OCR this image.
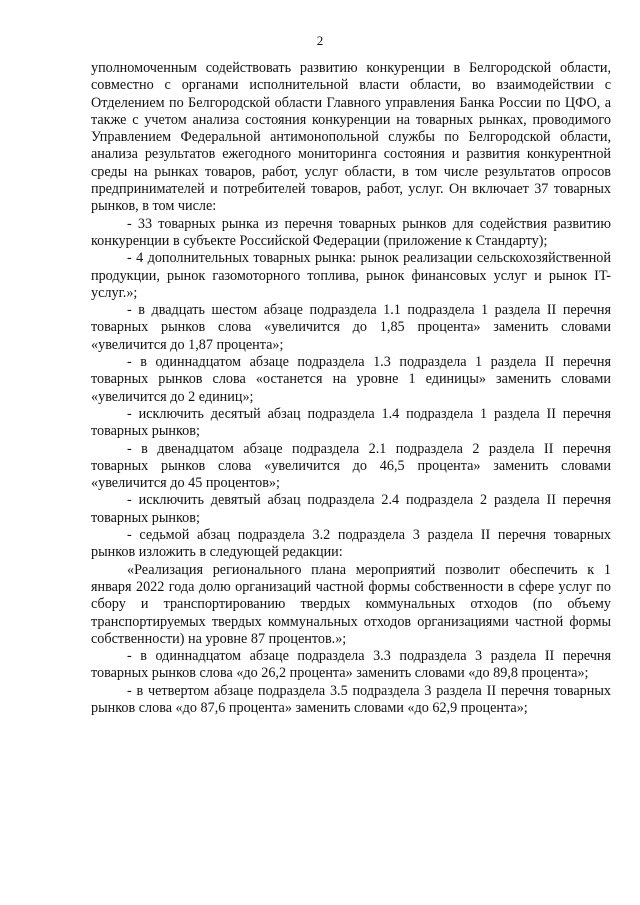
2

уполномоченным содействовать развитию конкуренции в Белгородской области, совместно с органами исполнительной власти области, во взаимодействии с Отделением по Белгородской области Главного управления Банка России по ЦФО, а также с учетом анализа состояния конкуренции на товарных рынках, проводимого Управлением Федеральной антимонопольной службы по Белгородской области, анализа результатов ежегодного мониторинга состояния и развития конкурентной среды на рынках товаров, работ, услуг области, в том числе результатов опросов предпринимателей и потребителей товаров, работ, услуг. Он включает 37 товарных рынков, в том числе:

- 33 товарных рынка из перечня товарных рынков для содействия развитию конкуренции в субъекте Российской Федерации (приложение к Стандарту);

- 4 дополнительных товарных рынка: рынок реализации сельскохозяйственной продукции, рынок газомоторного топлива, рынок финансовых услуг и рынок IT-услуг.»;

- в двадцать шестом абзаце подраздела 1.1 подраздела 1 раздела II перечня товарных рынков слова «увеличится до 1,85 процента» заменить словами «увеличится до 1,87 процента»;

- в одиннадцатом абзаце подраздела 1.3 подраздела 1 раздела II перечня товарных рынков слова «останется на уровне 1 единицы» заменить словами «увеличится до 2 единиц»;

- исключить десятый абзац подраздела 1.4 подраздела 1 раздела II перечня товарных рынков;

- в двенадцатом абзаце подраздела 2.1 подраздела 2 раздела II перечня товарных рынков слова «увеличится до 46,5 процента» заменить словами «увеличится до 45 процентов»;

- исключить девятый абзац подраздела 2.4 подраздела 2 раздела II перечня товарных рынков;

- седьмой абзац подраздела 3.2 подраздела 3 раздела II перечня товарных рынков изложить в следующей редакции:

«Реализация регионального плана мероприятий позволит обеспечить к 1 января 2022 года долю организаций частной формы собственности в сфере услуг по сбору и транспортированию твердых коммунальных отходов (по объему транспортируемых твердых коммунальных отходов организациями частной формы собственности) на уровне 87 процентов.»;

- в одиннадцатом абзаце подраздела 3.3 подраздела 3 раздела II перечня товарных рынков слова «до 26,2 процента» заменить словами «до 89,8 процента»;

- в четвертом абзаце подраздела 3.5 подраздела 3 раздела II перечня товарных рынков слова «до 87,6 процента» заменить словами «до 62,9 процента»;
